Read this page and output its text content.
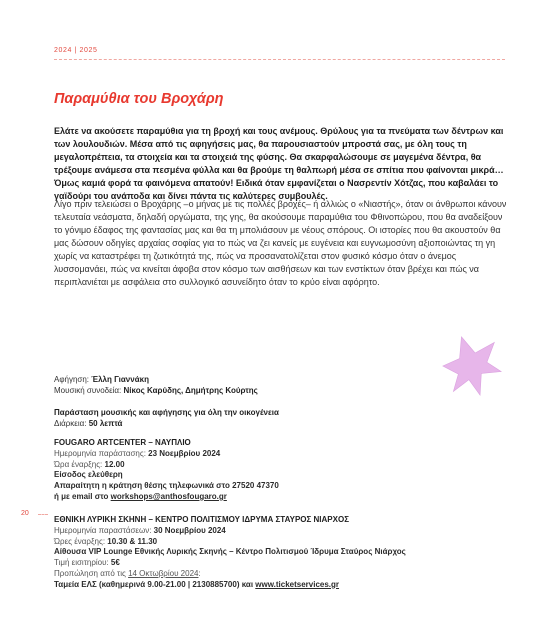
2024 | 2025
Παραμύθια του Βροχάρη

Ελάτε να ακούσετε παραμύθια για τη βροχή και τους ανέμους. Θρύλους για τα πνεύματα των δέντρων και των λουλουδιών. Μέσα από τις αφηγήσεις μας, θα παρουσιαστούν μπροστά σας, με όλη τους τη μεγαλοπρέπεια, τα στοιχεία και τα στοιχειά της φύσης. Θα σκαρφαλώσουμε σε μαγεμένα δέντρα, θα τρέξουμε ανάμεσα στα πεσμένα φύλλα και θα βρούμε τη θαλπωρή μέσα σε σπίτια που φαίνονται μικρά… Όμως καμιά φορά τα φαινόμενα απατούν! Ειδικά όταν εμφανίζεται ο Νασρεντίν Χότζας, που καβαλάει το γαϊδούρι του ανάποδα και δίνει πάντα τις καλύτερες συμβουλές.

Λίγο πριν τελειώσει ο Βροχάρης –ο μήνας με τις πολλές βροχές– ή αλλιώς ο «Νιαστής», όταν οι άνθρωποι κάνουν τελευταία νεάσματα, δηλαδή οργώματα, της γης, θα ακούσουμε παραμύθια του Φθινοπώρου, που θα αναδείξουν το γόνιμο έδαφος της φαντασίας μας και θα τη μπολιάσουν με νέους σπόρους. Οι ιστορίες που θα ακουστούν θα μας δώσουν οδηγίες αρχαίας σοφίας για το πώς να ζει κανείς με ευγένεια και ευγνωμοσύνη αξιοποιώντας τη γη χωρίς να καταστρέφει τη ζωτικότητά της, πώς να προσανατολίζεται στον φυσικό κόσμο όταν ο άνεμος λυσσομανάει, πώς να κινείται άφοβα στον κόσμο των αισθήσεων και των ενστίκτων όταν βρέχει και πώς να περιπλανιέται με ασφάλεια στο συλλογικό ασυνείδητο όταν το κρύο είναι αφόρητο.

Αφήγηση: Έλλη Γιαννάκη

Μουσική συνοδεία: Νίκος Καρύδης, Δημήτρης Κούρτης

Παράσταση μουσικής και αφήγησης για όλη την οικογένεια

Διάρκεια: 50 λεπτά

FOUGARO ARTCENTER – ΝΑΥΠΛΙΟ

Ημερομηνία παράστασης: 23 Νοεμβρίου 2024

Ώρα έναρξης: 12.00

Είσοδος ελεύθερη

Απαραίτητη η κράτηση θέσης τηλεφωνικά στο 27520 47370

ή με email στο workshops@anthosfougaro.gr

20

ΕΘΝΙΚΗ ΛΥΡΙΚΗ ΣΚΗΝΗ – ΚΕΝΤΡΟ ΠΟΛΙΤΙΣΜΟΥ ΙΔΡΥΜΑ ΣΤΑΥΡΟΣ ΝΙΑΡΧΟΣ

Ημερομηνία παραστάσεων: 30 Νοεμβρίου 2024

Ώρες έναρξης: 10.30 & 11.30

Αίθουσα VIP Lounge Εθνικής Λυρικής Σκηνής – Κέντρο Πολιτισμού Ίδρυμα Σταύρος Νιάρχος

Τιμή εισιτηρίου: 5€

Προπώληση από τις 14 Οκτωβρίου 2024:

Ταμεία ΕΛΣ (καθημερινά 9.00-21.00 | 2130885700) και www.ticketservices.gr
